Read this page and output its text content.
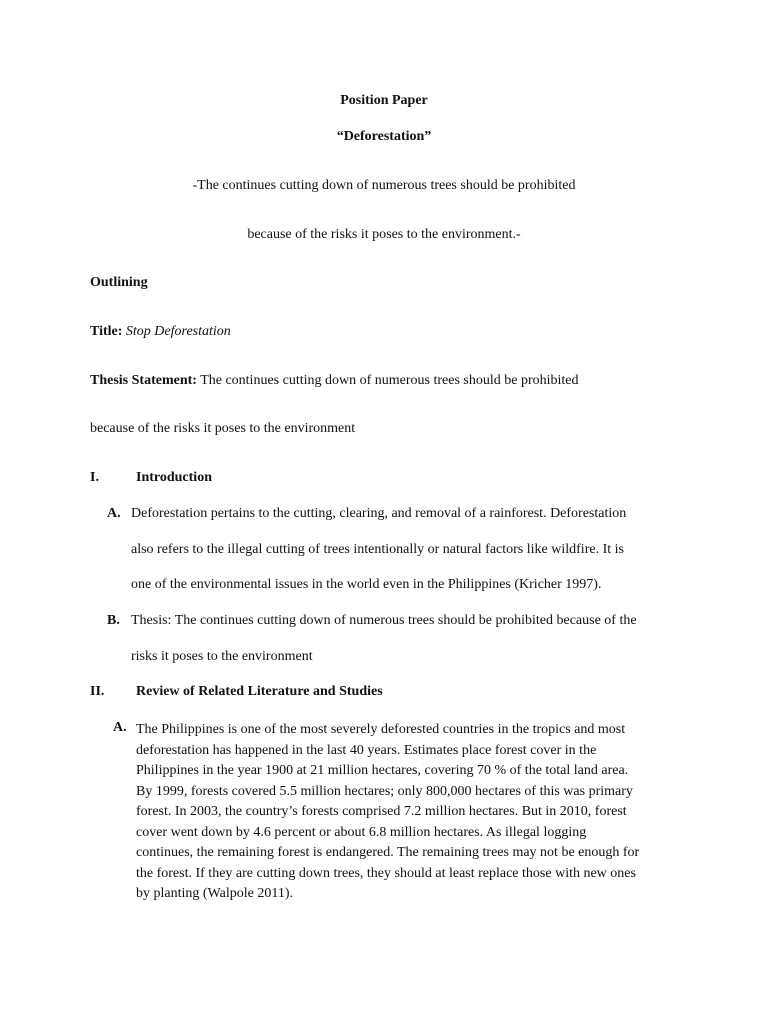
Position Paper
“Deforestation”
-The continues cutting down of numerous trees should be prohibited
because of the risks it poses to the environment.-
Outlining
Title: Stop Deforestation
Thesis Statement: The continues cutting down of numerous trees should be prohibited
because of the risks it poses to the environment
I.	Introduction
A. Deforestation pertains to the cutting, clearing, and removal of a rainforest. Deforestation
also refers to the illegal cutting of trees intentionally or natural factors like wildfire. It is
one of the environmental issues in the world even in the Philippines (Kricher 1997).
B. Thesis: The continues cutting down of numerous trees should be prohibited because of the
risks it poses to the environment
II. Review of Related Literature and Studies
A. The Philippines is one of the most severely deforested countries in the tropics and most

deforestation has happened in the last 40 years. Estimates place forest cover in the

Philippines in the year 1900 at 21 million hectares, covering 70 % of the total land area.

By 1999, forests covered 5.5 million hectares; only 800,000 hectares of this was primary

forest. In 2003, the country’s forests comprised 7.2 million hectares. But in 2010, forest

cover went down by 4.6 percent or about 6.8 million hectares. As illegal logging

continues, the remaining forest is endangered. The remaining trees may not be enough for

the forest. If they are cutting down trees, they should at least replace those with new ones

by planting (Walpole 2011).
